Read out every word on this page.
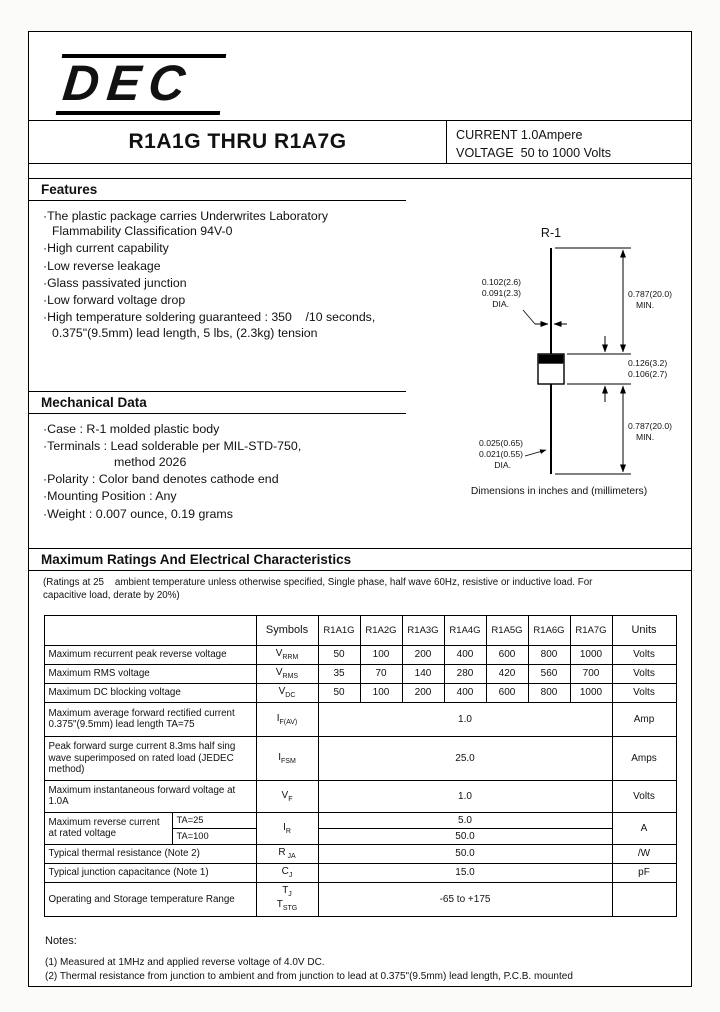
DEC
R1A1G THRU R1A7G	CURRENT 1.0Ampere
VOLTAGE  50 to 1000 Volts
Features
· The plastic package carries Underwrites Laboratory Flammability Classification 94V-0
· High current capability
· Low reverse leakage
· Glass passivated junction
· Low forward voltage drop
· High temperature soldering guaranteed : 350    /10 seconds, 0.375"(9.5mm) lead length, 5 lbs, (2.3kg) tension
Mechanical Data
· Case : R-1 molded plastic body
· Terminals : Lead solderable per MIL-STD-750,
method 2026
· Polarity : Color band denotes cathode end
· Mounting Position : Any
· Weight : 0.007 ounce, 0.19 grams
R-1
0.102(2.6)
0.091(2.3)
DIA.
0.787(20.0)
MIN.
0.126(3.2)
0.106(2.7)
0.787(20.0)
MIN.
0.025(0.65)
0.021(0.55)
DIA.
Dimensions in inches and (millimeters)
Maximum Ratings And Electrical Characteristics
(Ratings at 25    ambient temperature unless otherwise specified, Single phase, half wave 60Hz, resistive or inductive load. For capacitive load, derate by 20%)
		Symbols	R1A1G	R1A2G	R1A3G	R1A4G	R1A5G	R1A6G	R1A7G	Units
Maximum recurrent peak reverse voltage		$V_{RRM}$	50	100	200	400	600	800	1000	Volts
Maximum RMS voltage		$V_{RMS}$	35	70	140	280	420	560	700	Volts
Maximum DC blocking voltage		$V_{DC}$	50	100	200	400	600	800	1000	Volts
Maximum average forward rectified current 0.375"(9.5mm) lead length TA=75		$I_{F(AV)}$	1.0							Amp
Peak forward surge current 8.3ms half sing wave superimposed on rated load (JEDEC method)		$I_{FSM}$	25.0							Amps
Maximum instantaneous forward voltage at 1.0A		$V_F$	1.0							Volts
Maximum reverse current at rated voltage	TA=25	$I_R$	5.0							A
	TA=100		50.0							
Typical thermal resistance (Note 2)		R $_{JA}$	50.0							/W
Typical junction capacitance (Note 1)		$C_J$	15.0							pF
Operating and Storage temperature Range		$T_J$
$T_{STG}$	-65 to +175							
Notes:
(1) Measured at 1MHz and applied reverse voltage of 4.0V DC.
(2) Thermal resistance from junction to ambient and from junction to lead at 0.375"(9.5mm) lead length, P.C.B. mounted
